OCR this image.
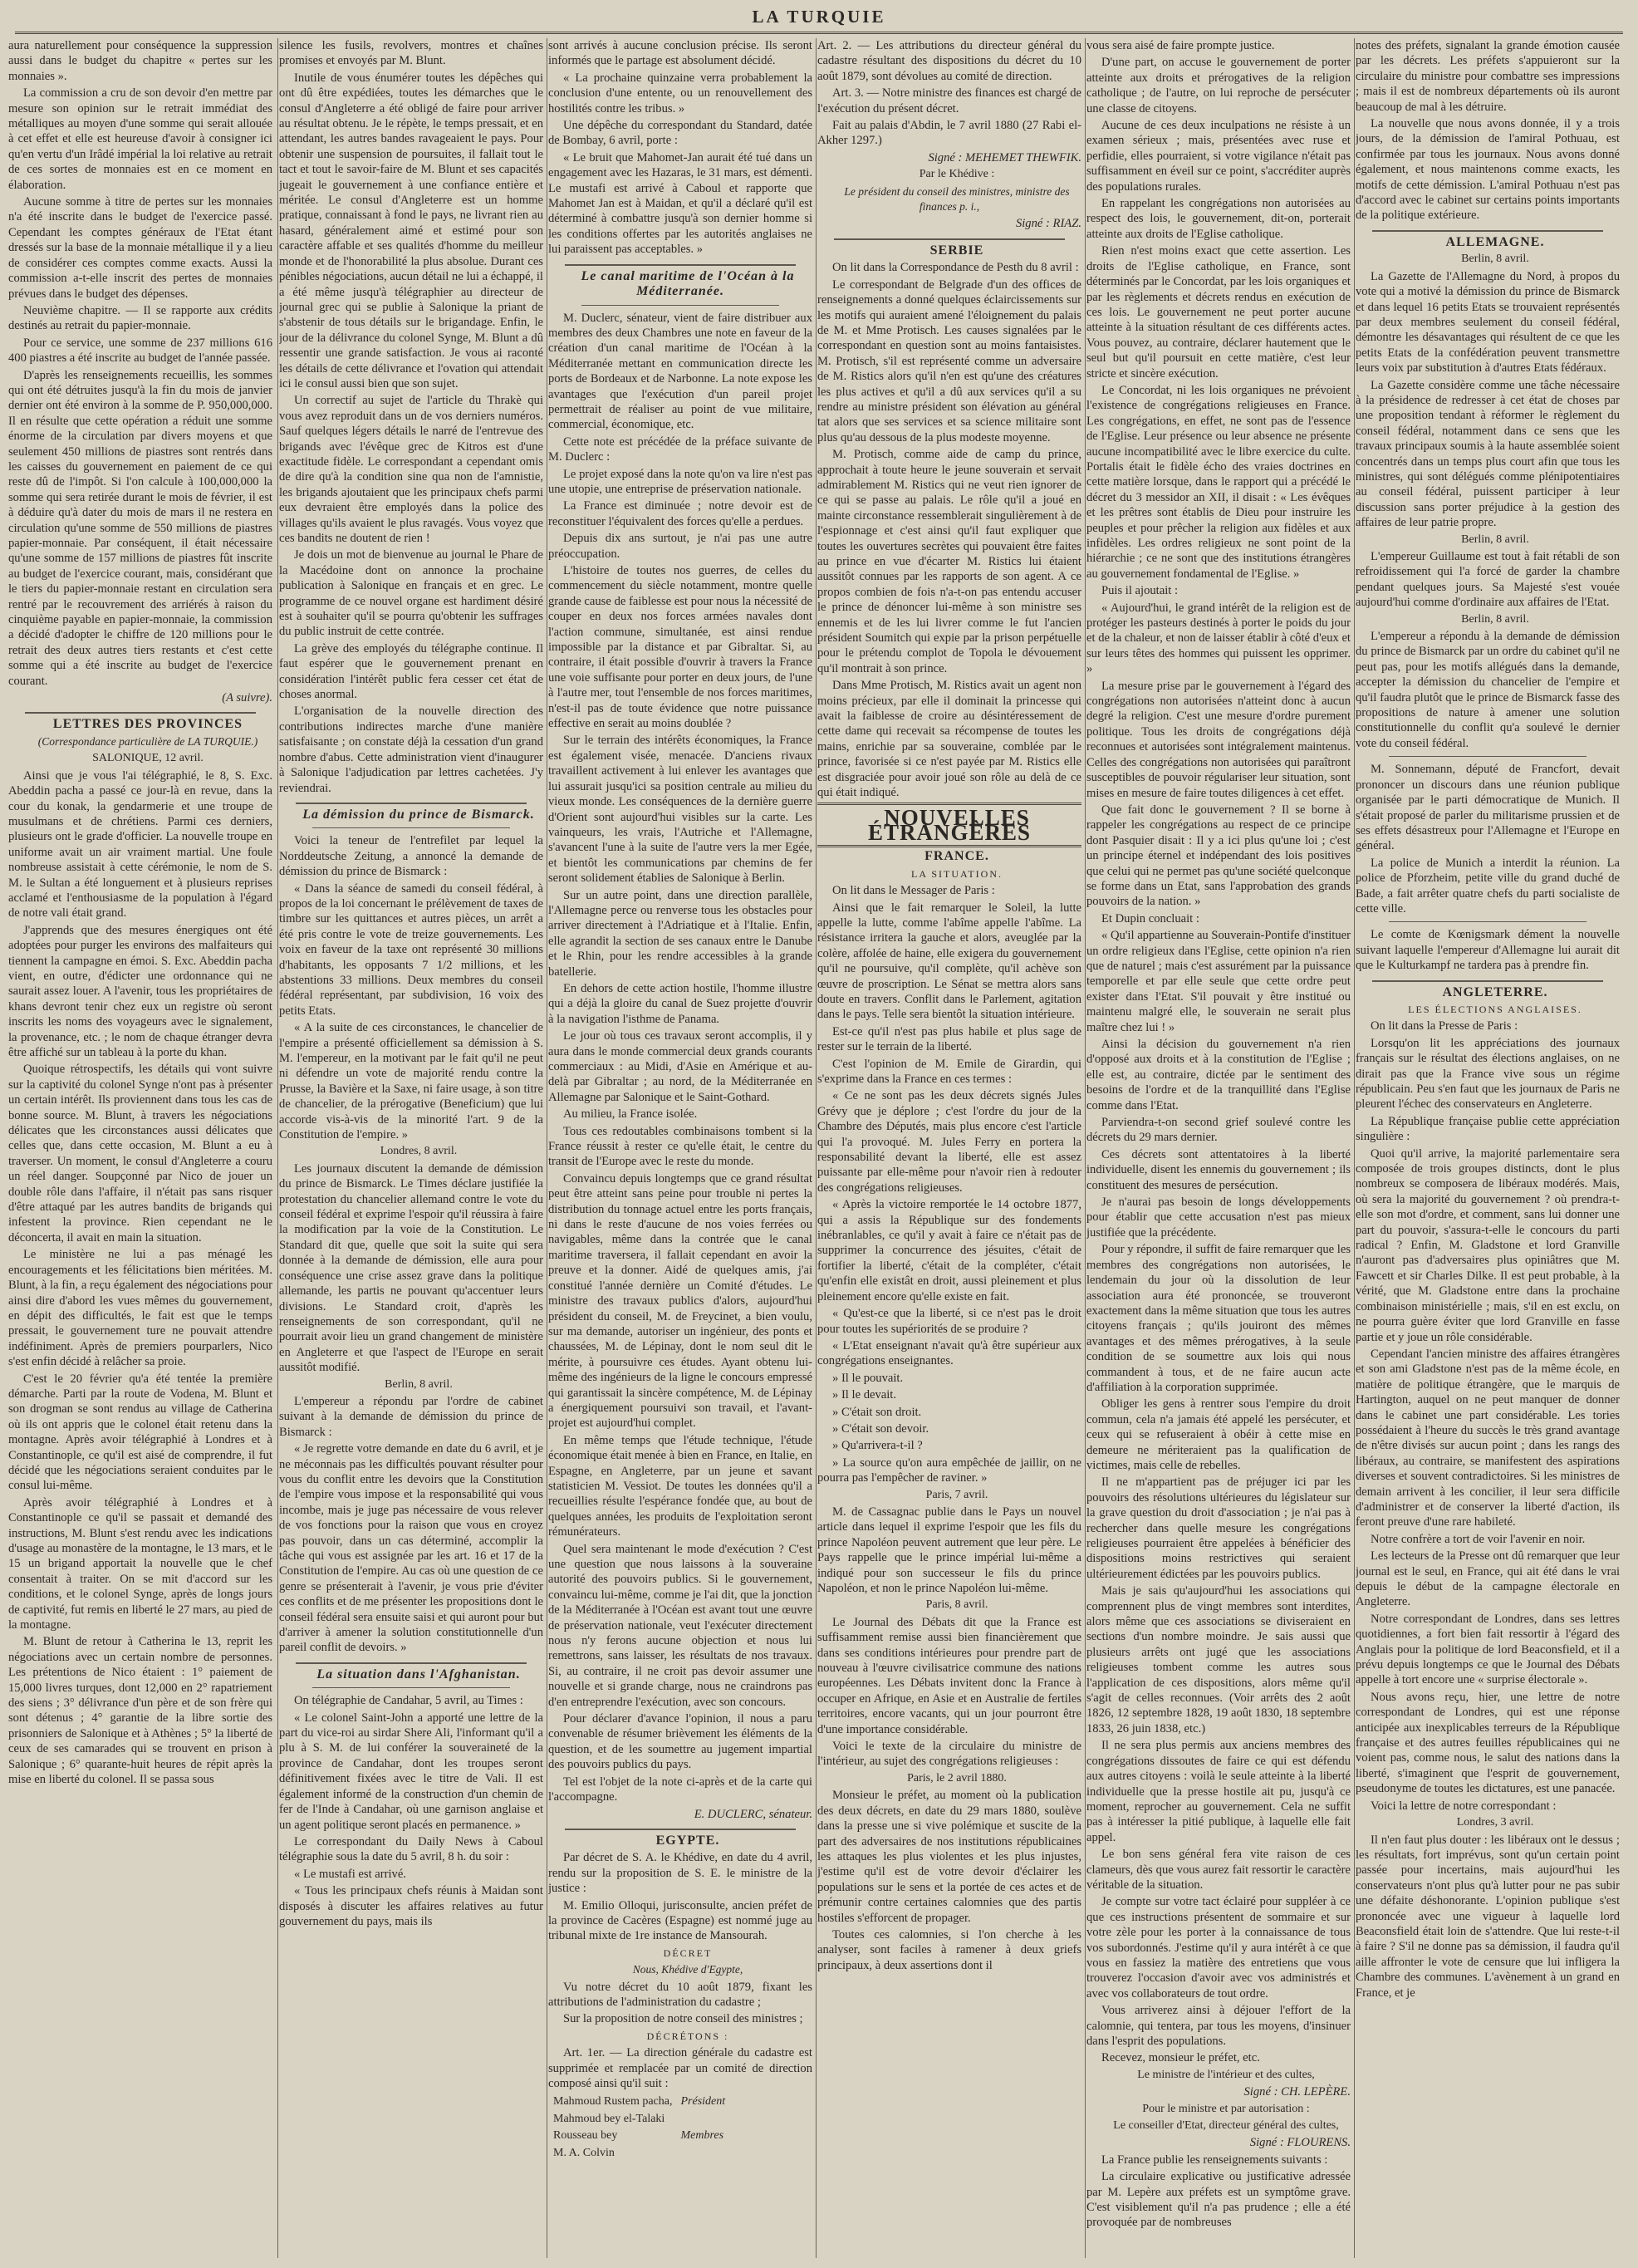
LA TURQUIE

aura naturellement pour conséquence la suppression aussi dans le budget du chapitre « pertes sur les monnaies ».

La commission a cru de son devoir d'en mettre par mesure son opinion sur le retrait immédiat des métalliques au moyen d'une somme qui serait allouée à cet effet et elle est heureuse d'avoir à consigner ici qu'en vertu d'un Irâdé impérial la loi relative au retrait de ces sortes de monnaies est en ce moment en élaboration.

Aucune somme à titre de pertes sur les monnaies n'a été inscrite dans le budget de l'exercice passé. Cependant les comptes généraux de l'Etat étant dressés sur la base de la monnaie métallique il y a lieu de considérer ces comptes comme exacts. Aussi la commission a-t-elle inscrit des pertes de monnaies prévues dans le budget des dépenses.

Neuvième chapitre. — Il se rapporte aux crédits destinés au retrait du papier-monnaie.

Pour ce service, une somme de 237 millions 616 400 piastres a été inscrite au budget de l'année passée.

D'après les renseignements recueillis, les sommes qui ont été détruites jusqu'à la fin du mois de janvier dernier ont été environ à la somme de P. 950,000,000. Il en résulte que cette opération a réduit une somme énorme de la circulation par divers moyens et que seulement 450 millions de piastres sont rentrés dans les caisses du gouvernement en paiement de ce qui reste dû de l'impôt. Si l'on calcule à 100,000,000 la somme qui sera retirée durant le mois de février, il est à déduire qu'à dater du mois de mars il ne restera en circulation qu'une somme de 550 millions de piastres papier-monnaie. Par conséquent, il était nécessaire qu'une somme de 157 millions de piastres fût inscrite au budget de l'exercice courant, mais, considérant que le tiers du papier-monnaie restant en circulation sera rentré par le recouvrement des arriérés à raison du cinquième payable en papier-monnaie, la commission a décidé d'adopter le chiffre de 120 millions pour le retrait des deux autres tiers restants et c'est cette somme qui a été inscrite au budget de l'exercice courant.

(A suivre).

LETTRES DES PROVINCES

(Correspondance particulière de LA TURQUIE.)

SALONIQUE, 12 avril.

Ainsi que je vous l'ai télégraphié, le 8, S. Exc. Abeddin pacha a passé ce jour-là en revue, dans la cour du konak, la gendarmerie et une troupe de musulmans et de chrétiens. Parmi ces derniers, plusieurs ont le grade d'officier. La nouvelle troupe en uniforme avait un air vraiment martial. Une foule nombreuse assistait à cette cérémonie, le nom de S. M. le Sultan a été longuement et à plusieurs reprises acclamé et l'enthousiasme de la population à l'égard de notre vali était grand.

J'apprends que des mesures énergiques ont été adoptées pour purger les environs des malfaiteurs qui tiennent la campagne en émoi. S. Exc. Abeddin pacha vient, en outre, d'édicter une ordonnance qui ne saurait assez louer. A l'avenir, tous les propriétaires de khans devront tenir chez eux un registre où seront inscrits les noms des voyageurs avec le signalement, la provenance, etc. ; le nom de chaque étranger devra être affiché sur un tableau à la porte du khan.

Quoique rétrospectifs, les détails qui vont suivre sur la captivité du colonel Synge n'ont pas à présenter un certain intérêt. Ils proviennent dans tous les cas de bonne source. M. Blunt, à travers les négociations délicates que les circonstances aussi délicates que celles que, dans cette occasion, M. Blunt a eu à traverser. Un moment, le consul d'Angleterre a couru un réel danger. Soupçonné par Nico de jouer un double rôle dans l'affaire, il n'était pas sans risquer d'être attaqué par les autres bandits de brigands qui infestent la province. Rien cependant ne le déconcerta, il avait en main la situation.

Le ministère ne lui a pas ménagé les encouragements et les félicitations bien méritées. M. Blunt, à la fin, a reçu également des négociations pour ainsi dire d'abord les vues mêmes du gouvernement, en dépit des difficultés, le fait est que le temps pressait, le gouvernement ture ne pouvait attendre indéfiniment. Après de premiers pourparlers, Nico s'est enfin décidé à relâcher sa proie.

C'est le 20 février qu'a été tentée la première démarche. Parti par la route de Vodena, M. Blunt et son drogman se sont rendus au village de Catherina où ils ont appris que le colonel était retenu dans la montagne. Après avoir télégraphié à Londres et à Constantinople, ce qu'il est aisé de comprendre, il fut décidé que les négociations seraient conduites par le consul lui-même.

Après avoir télégraphié à Londres et à Constantinople ce qu'il se passait et demandé des instructions, M. Blunt s'est rendu avec les indications d'usage au monastère de la montagne, le 13 mars, et le 15 un brigand apportait la nouvelle que le chef consentait à traiter. On se mit d'accord sur les conditions, et le colonel Synge, après de longs jours de captivité, fut remis en liberté le 27 mars, au pied de la montagne.

M. Blunt de retour à Catherina le 13, reprit les négociations avec un certain nombre de personnes. Les prétentions de Nico étaient : 1° paiement de 15,000 livres turques, dont 12,000 en 2° rapatriement des siens ; 3° délivrance d'un père et de son frère qui sont détenus ; 4° garantie de la libre sortie des prisonniers de Salonique et à Athènes ; 5° la liberté de ceux de ses camarades qui se trouvent en prison à Salonique ; 6° quarante-huit heures de répit après la mise en liberté du colonel. Il se passa sous

silence les fusils, revolvers, montres et chaînes promises et envoyés par M. Blunt.

Inutile de vous énumérer toutes les dépêches qui ont dû être expédiées, toutes les démarches que le consul d'Angleterre a été obligé de faire pour arriver au résultat obtenu. Je le répète, le temps pressait, et en attendant, les autres bandes ravageaient le pays. Pour obtenir une suspension de poursuites, il fallait tout le tact et tout le savoir-faire de M. Blunt et ses capacités jugeait le gouvernement à une confiance entière et méritée. Le consul d'Angleterre est un homme pratique, connaissant à fond le pays, ne livrant rien au hasard, généralement aimé et estimé pour son caractère affable et ses qualités d'homme du meilleur monde et de l'honorabilité la plus absolue. Durant ces pénibles négociations, aucun détail ne lui a échappé, il a été même jusqu'à télégraphier au directeur de journal grec qui se publie à Salonique la priant de s'abstenir de tous détails sur le brigandage. Enfin, le jour de la délivrance du colonel Synge, M. Blunt a dû ressentir une grande satisfaction. Je vous ai raconté les détails de cette délivrance et l'ovation qui attendait ici le consul aussi bien que son sujet.

Un correctif au sujet de l'article du Thrakè qui vous avez reproduit dans un de vos derniers numéros. Sauf quelques légers détails le narré de l'entrevue des brigands avec l'évêque grec de Kitros est d'une exactitude fidèle. Le correspondant a cependant omis de dire qu'à la condition sine qua non de l'amnistie, les brigands ajoutaient que les principaux chefs parmi eux devraient être employés dans la police des villages qu'ils avaient le plus ravagés. Vous voyez que ces bandits ne doutent de rien !

Je dois un mot de bienvenue au journal le Phare de la Macédoine dont on annonce la prochaine publication à Salonique en français et en grec. Le programme de ce nouvel organe est hardiment désiré est à souhaiter qu'il se pourra qu'obtenir les suffrages du public instruit de cette contrée.

La grève des employés du télégraphe continue. Il faut espérer que le gouvernement prenant en considération l'intérêt public fera cesser cet état de choses anormal.

L'organisation de la nouvelle direction des contributions indirectes marche d'une manière satisfaisante ; on constate déjà la cessation d'un grand nombre d'abus. Cette administration vient d'inaugurer à Salonique l'adjudication par lettres cachetées. J'y reviendrai.

La démission du prince de Bismarck.

Voici la teneur de l'entrefilet par lequel la Norddeutsche Zeitung, a annoncé la demande de démission du prince de Bismarck :

« Dans la séance de samedi du conseil fédéral, à propos de la loi concernant le prélèvement de taxes de timbre sur les quittances et autres pièces, un arrêt a été pris contre le vote de treize gouvernements. Les voix en faveur de la taxe ont représenté 30 millions d'habitants, les opposants 7 1/2 millions, et les abstentions 33 millions. Deux membres du conseil fédéral représentant, par subdivision, 16 voix des petits Etats.

« A la suite de ces circonstances, le chancelier de l'empire a présenté officiellement sa démission à S. M. l'empereur, en la motivant par le fait qu'il ne peut ni défendre un vote de majorité rendu contre la Prusse, la Bavière et la Saxe, ni faire usage, à son titre de chancelier, de la prérogative (Beneficium) que lui accorde vis-à-vis de la minorité l'art. 9 de la Constitution de l'empire. »

Londres, 8 avril.

Les journaux discutent la demande de démission du prince de Bismarck. Le Times déclare justifiée la protestation du chancelier allemand contre le vote du conseil fédéral et exprime l'espoir qu'il réussira à faire la modification par la voie de la Constitution. Le Standard dit que, quelle que soit la suite qui sera donnée à la demande de démission, elle aura pour conséquence une crise assez grave dans la politique allemande, les partis ne pouvant qu'accentuer leurs divisions. Le Standard croit, d'après les renseignements de son correspondant, qu'il ne pourrait avoir lieu un grand changement de ministère en Angleterre et que l'aspect de l'Europe en serait aussitôt modifié.

Berlin, 8 avril.

L'empereur a répondu par l'ordre de cabinet suivant à la demande de démission du prince de Bismarck :

« Je regrette votre demande en date du 6 avril, et je ne méconnais pas les difficultés pouvant résulter pour vous du conflit entre les devoirs que la Constitution de l'empire vous impose et la responsabilité qui vous incombe, mais je juge pas nécessaire de vous relever de vos fonctions pour la raison que vous en croyez pas pouvoir, dans un cas déterminé, accomplir la tâche qui vous est assignée par les art. 16 et 17 de la Constitution de l'empire. Au cas où une question de ce genre se présenterait à l'avenir, je vous prie d'éviter ces conflits et de me présenter les propositions dont le conseil fédéral sera ensuite saisi et qui auront pour but d'arriver à amener la solution constitutionnelle d'un pareil conflit de devoirs. »

La situation dans l'Afghanistan.

On télégraphie de Candahar, 5 avril, au Times :

« Le colonel Saint-John a apporté une lettre de la part du vice-roi au sirdar Shere Ali, l'informant qu'il a plu à S. M. de lui conférer la souveraineté de la province de Candahar, dont les troupes seront définitivement fixées avec le titre de Vali. Il est également informé de la construction d'un chemin de fer de l'Inde à Candahar, où une garnison anglaise et un agent politique seront placés en permanence. »

Le correspondant du Daily News à Caboul télégraphie sous la date du 5 avril, 8 h. du soir :

« Le mustafi est arrivé.

« Tous les principaux chefs réunis à Maidan sont disposés à discuter les affaires relatives au futur gouvernement du pays, mais ils

sont arrivés à aucune conclusion précise. Ils seront informés que le partage est absolument décidé.

« La prochaine quinzaine verra probablement la conclusion d'une entente, ou un renouvellement des hostilités contre les tribus. »

Une dépêche du correspondant du Standard, datée de Bombay, 6 avril, porte :

« Le bruit que Mahomet-Jan aurait été tué dans un engagement avec les Hazaras, le 31 mars, est démenti. Le mustafi est arrivé à Caboul et rapporte que Mahomet Jan est à Maidan, et qu'il a déclaré qu'il est déterminé à combattre jusqu'à son dernier homme si les conditions offertes par les autorités anglaises ne lui paraissent pas acceptables. »

Le canal maritime de l'Océan à la Méditerranée.

M. Duclerc, sénateur, vient de faire distribuer aux membres des deux Chambres une note en faveur de la création d'un canal maritime de l'Océan à la Méditerranée mettant en communication directe les ports de Bordeaux et de Narbonne. La note expose les avantages que l'exécution d'un pareil projet permettrait de réaliser au point de vue militaire, commercial, économique, etc.

Cette note est précédée de la préface suivante de M. Duclerc :

Le projet exposé dans la note qu'on va lire n'est pas une utopie, une entreprise de préservation nationale.

La France est diminuée ; notre devoir est de reconstituer l'équivalent des forces qu'elle a perdues.

Depuis dix ans surtout, je n'ai pas une autre préoccupation.

L'histoire de toutes nos guerres, de celles du commencement du siècle notamment, montre quelle grande cause de faiblesse est pour nous la nécessité de couper en deux nos forces armées navales dont l'action commune, simultanée, est ainsi rendue impossible par la distance et par Gibraltar. Si, au contraire, il était possible d'ouvrir à travers la France une voie suffisante pour porter en deux jours, de l'une à l'autre mer, tout l'ensemble de nos forces maritimes, n'est-il pas de toute évidence que notre puissance effective en serait au moins doublée ?

Sur le terrain des intérêts économiques, la France est également visée, menacée. D'anciens rivaux travaillent activement à lui enlever les avantages que lui assurait jusqu'ici sa position centrale au milieu du vieux monde. Les conséquences de la dernière guerre d'Orient sont aujourd'hui visibles sur la carte. Les vainqueurs, les vrais, l'Autriche et l'Allemagne, s'avancent l'une à la suite de l'autre vers la mer Egée, et bientôt les communications par chemins de fer seront solidement établies de Salonique à Berlin.

Sur un autre point, dans une direction parallèle, l'Allemagne perce ou renverse tous les obstacles pour arriver directement à l'Adriatique et à l'Italie. Enfin, elle agrandit la section de ses canaux entre le Danube et le Rhin, pour les rendre accessibles à la grande batellerie.

En dehors de cette action hostile, l'homme illustre qui a déjà la gloire du canal de Suez projette d'ouvrir à la navigation l'isthme de Panama.

Le jour où tous ces travaux seront accomplis, il y aura dans le monde commercial deux grands courants commerciaux : au Midi, d'Asie en Amérique et au-delà par Gibraltar ; au nord, de la Méditerranée en Allemagne par Salonique et le Saint-Gothard.

Au milieu, la France isolée.

Tous ces redoutables combinaisons tombent si la France réussit à rester ce qu'elle était, le centre du transit de l'Europe avec le reste du monde.

Convaincu depuis longtemps que ce grand résultat peut être atteint sans peine pour trouble ni pertes la distribution du tonnage actuel entre les ports français, ni dans le reste d'aucune de nos voies ferrées ou navigables, même dans la contrée que le canal maritime traversera, il fallait cependant en avoir la preuve et la donner. Aidé de quelques amis, j'ai constitué l'année dernière un Comité d'études. Le ministre des travaux publics d'alors, aujourd'hui président du conseil, M. de Freycinet, a bien voulu, sur ma demande, autoriser un ingénieur, des ponts et chaussées, M. de Lépinay, dont le nom seul dit le mérite, à poursuivre ces études. Ayant obtenu lui-même des ingénieurs de la ligne le concours empressé qui garantissait la sincère compétence, M. de Lépinay a énergiquement poursuivi son travail, et l'avant-projet est aujourd'hui complet.

En même temps que l'étude technique, l'étude économique était menée à bien en France, en Italie, en Espagne, en Angleterre, par un jeune et savant statisticien M. Vessiot. De toutes les données qu'il a recueillies résulte l'espérance fondée que, au bout de quelques années, les produits de l'exploitation seront rémunérateurs.

Quel sera maintenant le mode d'exécution ? C'est une question que nous laissons à la souveraine autorité des pouvoirs publics. Si le gouvernement, convaincu lui-même, comme je l'ai dit, que la jonction de la Méditerranée à l'Océan est avant tout une œuvre de préservation nationale, veut l'exécuter directement nous n'y ferons aucune objection et nous lui remettrons, sans laisser, les résultats de nos travaux. Si, au contraire, il ne croit pas devoir assumer une nouvelle et si grande charge, nous ne craindrons pas d'en entreprendre l'exécution, avec son concours.

Pour déclarer d'avance l'opinion, il nous a paru convenable de résumer brièvement les éléments de la question, et de les soumettre au jugement impartial des pouvoirs publics du pays.

Tel est l'objet de la note ci-après et de la carte qui l'accompagne.

E. DUCLERC, sénateur.

EGYPTE.

Par décret de S. A. le Khédive, en date du 4 avril, rendu sur la proposition de S. E. le ministre de la justice :

M. Emilio Olloqui, jurisconsulte, ancien préfet de la province de Cacères (Espagne) est nommé juge au tribunal mixte de 1re instance de Mansourah.

DÉCRET

Nous, Khédive d'Egypte,

Vu notre décret du 10 août 1879, fixant les attributions de l'administration du cadastre ;

Sur la proposition de notre conseil des ministres ;

DÉCRÉTONS :

Art. 1er. — La direction générale du cadastre est supprimée et remplacée par un comité de direction composé ainsi qu'il suit :

Mahmoud Rustem pacha,	Président
Mahmoud bey el-Talaki	
Rousseau bey	Membres
M. A. Colvin	

Art. 2. — Les attributions du directeur général du cadastre résultant des dispositions du décret du 10 août 1879, sont dévolues au comité de direction.

Art. 3. — Notre ministre des finances est chargé de l'exécution du présent décret.

Fait au palais d'Abdin, le 7 avril 1880 (27 Rabi el-Akher 1297.)

Signé : MEHEMET THEWFIK.

Par le Khédive :

Le président du conseil des ministres, ministre des finances p. i.,

Signé : RIAZ.

SERBIE

On lit dans la Correspondance de Pesth du 8 avril :

Le correspondant de Belgrade d'un des offices de renseignements a donné quelques éclaircissements sur les motifs qui auraient amené l'éloignement du palais de M. et Mme Protisch. Les causes signalées par le correspondant en question sont au moins fantaisistes. M. Protisch, s'il est représenté comme un adversaire de M. Ristics alors qu'il n'en est qu'une des créatures les plus actives et qu'il a dû aux services qu'il a su rendre au ministre président son élévation au général tat alors que ses services et sa science militaire sont plus qu'au dessous de la plus modeste moyenne.

M. Protisch, comme aide de camp du prince, approchait à toute heure le jeune souverain et servait admirablement M. Ristics qui ne veut rien ignorer de ce qui se passe au palais. Le rôle qu'il a joué en mainte circonstance ressemblerait singulièrement à de l'espionnage et c'est ainsi qu'il faut expliquer que toutes les ouvertures secrètes qui pouvaient être faites au prince en vue d'écarter M. Ristics lui étaient aussitôt connues par les rapports de son agent. A ce propos combien de fois n'a-t-on pas entendu accuser le prince de dénoncer lui-même à son ministre ses ennemis et de les lui livrer comme le fut l'ancien président Soumitch qui expie par la prison perpétuelle pour le prétendu complot de Topola le dévouement qu'il montrait à son prince.

Dans Mme Protisch, M. Ristics avait un agent non moins précieux, par elle il dominait la princesse qui avait la faiblesse de croire au désintéressement de cette dame qui recevait sa récompense de toutes les mains, enrichie par sa souveraine, comblée par le prince, favorisée si ce n'est payée par M. Ristics elle est disgraciée pour avoir joué son rôle au delà de ce qui était indiqué.

NOUVELLES ÉTRANGÈRES

FRANCE.

LA SITUATION.

On lit dans le Messager de Paris :

Ainsi que le fait remarquer le Soleil, la lutte appelle la lutte, comme l'abîme appelle l'abîme. La résistance irritera la gauche et alors, aveuglée par la colère, affolée de haine, elle exigera du gouvernement qu'il ne poursuive, qu'il complète, qu'il achève son œuvre de proscription. Le Sénat se mettra alors sans doute en travers. Conflit dans le Parlement, agitation dans le pays. Telle sera bientôt la situation intérieure.

Est-ce qu'il n'est pas plus habile et plus sage de rester sur le terrain de la liberté.

C'est l'opinion de M. Emile de Girardin, qui s'exprime dans la France en ces termes :

« Ce ne sont pas les deux décrets signés Jules Grévy que je déplore ; c'est l'ordre du jour de la Chambre des Députés, mais plus encore c'est l'article qui l'a provoqué. M. Jules Ferry en portera la responsabilité devant la liberté, elle est assez puissante par elle-même pour n'avoir rien à redouter des congrégations religieuses.

« Après la victoire remportée le 14 octobre 1877, qui a assis la République sur des fondements inébranlables, ce qu'il y avait à faire ce n'était pas de supprimer la concurrence des jésuites, c'était de fortifier la liberté, c'était de la compléter, c'était qu'enfin elle existât en droit, aussi pleinement et plus pleinement encore qu'elle existe en fait.

« Qu'est-ce que la liberté, si ce n'est pas le droit pour toutes les supériorités de se produire ?

« L'Etat enseignant n'avait qu'à être supérieur aux congrégations enseignantes.

» Il le pouvait.

» Il le devait.

» C'était son droit.

» C'était son devoir.

» Qu'arrivera-t-il ?

» La source qu'on aura empêchée de jaillir, on ne pourra pas l'empêcher de raviner. »

Paris, 7 avril.

M. de Cassagnac publie dans le Pays un nouvel article dans lequel il exprime l'espoir que les fils du prince Napoléon peuvent autrement que leur père. Le Pays rappelle que le prince impérial lui-même a indiqué pour son successeur le fils du prince Napoléon, et non le prince Napoléon lui-même.

Paris, 8 avril.

Le Journal des Débats dit que la France est suffisamment remise aussi bien financièrement que dans ses conditions intérieures pour prendre part de nouveau à l'œuvre civilisatrice commune des nations européennes. Les Débats invitent donc la France à occuper en Afrique, en Asie et en Australie de fertiles territoires, encore vacants, qui un jour pourront être d'une importance considérable.

Voici le texte de la circulaire du ministre de l'intérieur, au sujet des congrégations religieuses :

Paris, le 2 avril 1880.

Monsieur le préfet, au moment où la publication des deux décrets, en date du 29 mars 1880, soulève dans la presse une si vive polémique et suscite de la part des adversaires de nos institutions républicaines les attaques les plus violentes et les plus injustes, j'estime qu'il est de votre devoir d'éclairer les populations sur le sens et la portée de ces actes et de prémunir contre certaines calomnies que des partis hostiles s'efforcent de propager.

Toutes ces calomnies, si l'on cherche à les analyser, sont faciles à ramener à deux griefs principaux, à deux assertions dont il

vous sera aisé de faire prompte justice.

D'une part, on accuse le gouvernement de porter atteinte aux droits et prérogatives de la religion catholique ; de l'autre, on lui reproche de persécuter une classe de citoyens.

Aucune de ces deux inculpations ne résiste à un examen sérieux ; mais, présentées avec ruse et perfidie, elles pourraient, si votre vigilance n'était pas suffisamment en éveil sur ce point, s'accréditer auprès des populations rurales.

En rappelant les congrégations non autorisées au respect des lois, le gouvernement, dit-on, porterait atteinte aux droits de l'Eglise catholique.

Rien n'est moins exact que cette assertion. Les droits de l'Eglise catholique, en France, sont déterminés par le Concordat, par les lois organiques et par les règlements et décrets rendus en exécution de ces lois. Le gouvernement ne peut porter aucune atteinte à la situation résultant de ces différents actes. Vous pouvez, au contraire, déclarer hautement que le seul but qu'il poursuit en cette matière, c'est leur stricte et sincère exécution.

Le Concordat, ni les lois organiques ne prévoient l'existence de congrégations religieuses en France. Les congrégations, en effet, ne sont pas de l'essence de l'Eglise. Leur présence ou leur absence ne présente aucune incompatibilité avec le libre exercice du culte. Portalis était le fidèle écho des vraies doctrines en cette matière lorsque, dans le rapport qui a précédé le décret du 3 messidor an XII, il disait : « Les évêques et les prêtres sont établis de Dieu pour instruire les peuples et pour prêcher la religion aux fidèles et aux infidèles. Les ordres religieux ne sont point de la hiérarchie ; ce ne sont que des institutions étrangères au gouvernement fondamental de l'Eglise. »

Puis il ajoutait :

« Aujourd'hui, le grand intérêt de la religion est de protéger les pasteurs destinés à porter le poids du jour et de la chaleur, et non de laisser établir à côté d'eux et sur leurs têtes des hommes qui puissent les opprimer. »

La mesure prise par le gouvernement à l'égard des congrégations non autorisées n'atteint donc à aucun degré la religion. C'est une mesure d'ordre purement politique. Tous les droits de congrégations déjà reconnues et autorisées sont intégralement maintenus. Celles des congrégations non autorisées qui paraîtront susceptibles de pouvoir régulariser leur situation, sont mises en mesure de faire toutes diligences à cet effet.

Que fait donc le gouvernement ? Il se borne à rappeler les congrégations au respect de ce principe dont Pasquier disait : Il y a ici plus qu'une loi ; c'est un principe éternel et indépendant des lois positives que celui qui ne permet pas qu'une société quelconque se forme dans un Etat, sans l'approbation des grands pouvoirs de la nation. »

Et Dupin concluait :

« Qu'il appartienne au Souverain-Pontife d'instituer un ordre religieux dans l'Eglise, cette opinion n'a rien que de naturel ; mais c'est assurément par la puissance temporelle et par elle seule que cette ordre peut exister dans l'Etat. S'il pouvait y être institué ou maintenu malgré elle, le souverain ne serait plus maître chez lui ! »

Ainsi la décision du gouvernement n'a rien d'opposé aux droits et à la constitution de l'Eglise ; elle est, au contraire, dictée par le sentiment des besoins de l'ordre et de la tranquillité dans l'Eglise comme dans l'Etat.

Parviendra-t-on second grief soulevé contre les décrets du 29 mars dernier.

Ces décrets sont attentatoires à la liberté individuelle, disent les ennemis du gouvernement ; ils constituent des mesures de persécution.

Je n'aurai pas besoin de longs développements pour établir que cette accusation n'est pas mieux justifiée que la précédente.

Pour y répondre, il suffit de faire remarquer que les membres des congrégations non autorisées, le lendemain du jour où la dissolution de leur association aura été prononcée, se trouveront exactement dans la même situation que tous les autres citoyens français ; qu'ils jouiront des mêmes avantages et des mêmes prérogatives, à la seule condition de se soumettre aux lois qui nous commandent à tous, et de ne faire aucun acte d'affiliation à la corporation supprimée.

Obliger les gens à rentrer sous l'empire du droit commun, cela n'a jamais été appelé les persécuter, et ceux qui se refuseraient à obéir à cette mise en demeure ne mériteraient pas la qualification de victimes, mais celle de rebelles.

Il ne m'appartient pas de préjuger ici par les pouvoirs des résolutions ultérieures du législateur sur la grave question du droit d'association ; je n'ai pas à rechercher dans quelle mesure les congrégations religieuses pourraient être appelées à bénéficier des dispositions moins restrictives qui seraient ultérieurement édictées par les pouvoirs publics.

Mais je sais qu'aujourd'hui les associations qui comprennent plus de vingt membres sont interdites, alors même que ces associations se diviseraient en sections d'un nombre moindre. Je sais aussi que plusieurs arrêts ont jugé que les associations religieuses tombent comme les autres sous l'application de ces dispositions, alors même qu'il s'agit de celles reconnues. (Voir arrêts des 2 août 1826, 12 septembre 1828, 19 août 1830, 18 septembre 1833, 26 juin 1838, etc.)

Il ne sera plus permis aux anciens membres des congrégations dissoutes de faire ce qui est défendu aux autres citoyens : voilà le seule atteinte à la liberté individuelle que la presse hostile ait pu, jusqu'à ce moment, reprocher au gouvernement. Cela ne suffit pas à intéresser la pitié publique, à laquelle elle fait appel.

Le bon sens général fera vite raison de ces clameurs, dès que vous aurez fait ressortir le caractère véritable de la situation.

Je compte sur votre tact éclairé pour suppléer à ce que ces instructions présentent de sommaire et sur votre zèle pour les porter à la connaissance de tous vos subordonnés. J'estime qu'il y aura intérêt à ce que vous en fassiez la matière des entretiens que vous trouverez l'occasion d'avoir avec vos administrés et avec vos collaborateurs de tout ordre.

Vous arriverez ainsi à déjouer l'effort de la calomnie, qui tentera, par tous les moyens, d'insinuer dans l'esprit des populations.

Recevez, monsieur le préfet, etc.

Le ministre de l'intérieur et des cultes,

Signé : CH. LEPÈRE.

Pour le ministre et par autorisation :

Le conseiller d'Etat, directeur général des cultes,

Signé : FLOURENS.

La France publie les renseignements suivants :

La circulaire explicative ou justificative adressée par M. Lepère aux préfets est un symptôme grave. C'est visiblement qu'il n'a pas prudence ; elle a été provoquée par de nombreuses

notes des préfets, signalant la grande émotion causée par les décrets. Les préfets s'appuieront sur la circulaire du ministre pour combattre ses impressions ; mais il est de nombreux départements où ils auront beaucoup de mal à les détruire.

La nouvelle que nous avons donnée, il y a trois jours, de la démission de l'amiral Pothuau, est confirmée par tous les journaux. Nous avons donné également, et nous maintenons comme exacts, les motifs de cette démission. L'amiral Pothuau n'est pas d'accord avec le cabinet sur certains points importants de la politique extérieure.

ALLEMAGNE.

Berlin, 8 avril.

La Gazette de l'Allemagne du Nord, à propos du vote qui a motivé la démission du prince de Bismarck et dans lequel 16 petits Etats se trouvaient représentés par deux membres seulement du conseil fédéral, démontre les désavantages qui résultent de ce que les petits Etats de la confédération peuvent transmettre leurs voix par substitution à d'autres Etats fédéraux.

La Gazette considère comme une tâche nécessaire à la présidence de redresser à cet état de choses par une proposition tendant à réformer le règlement du conseil fédéral, notamment dans ce sens que les travaux principaux soumis à la haute assemblée soient concentrés dans un temps plus court afin que tous les ministres, qui sont délégués comme plénipotentiaires au conseil fédéral, puissent participer à leur discussion sans porter préjudice à la gestion des affaires de leur patrie propre.

Berlin, 8 avril.

L'empereur Guillaume est tout à fait rétabli de son refroidissement qui l'a forcé de garder la chambre pendant quelques jours. Sa Majesté s'est vouée aujourd'hui comme d'ordinaire aux affaires de l'Etat.

Berlin, 8 avril.

L'empereur a répondu à la demande de démission du prince de Bismarck par un ordre du cabinet qu'il ne peut pas, pour les motifs allégués dans la demande, accepter la démission du chancelier de l'empire et qu'il faudra plutôt que le prince de Bismarck fasse des propositions de nature à amener une solution constitutionnelle du conflit qu'a soulevé le dernier vote du conseil fédéral.

M. Sonnemann, député de Francfort, devait prononcer un discours dans une réunion publique organisée par le parti démocratique de Munich. Il s'était proposé de parler du militarisme prussien et de ses effets désastreux pour l'Allemagne et l'Europe en général.

La police de Munich a interdit la réunion. La police de Pforzheim, petite ville du grand duché de Bade, a fait arrêter quatre chefs du parti socialiste de cette ville.

Le comte de Kœnigsmark dément la nouvelle suivant laquelle l'empereur d'Allemagne lui aurait dit que le Kulturkampf ne tardera pas à prendre fin.

ANGLETERRE.

LES ÉLECTIONS ANGLAISES.

On lit dans la Presse de Paris :

Lorsqu'on lit les appréciations des journaux français sur le résultat des élections anglaises, on ne dirait pas que la France vive sous un régime républicain. Peu s'en faut que les journaux de Paris ne pleurent l'échec des conservateurs en Angleterre.

La République française publie cette appréciation singulière :

Quoi qu'il arrive, la majorité parlementaire sera composée de trois groupes distincts, dont le plus nombreux se composera de libéraux modérés. Mais, où sera la majorité du gouvernement ? où prendra-t-elle son mot d'ordre, et comment, sans lui donner une part du pouvoir, s'assura-t-elle le concours du parti radical ? Enfin, M. Gladstone et lord Granville n'auront pas d'adversaires plus opiniâtres que M. Fawcett et sir Charles Dilke. Il est peut probable, à la vérité, que M. Gladstone entre dans la prochaine combinaison ministérielle ; mais, s'il en est exclu, on ne pourra guère éviter que lord Granville en fasse partie et y joue un rôle considérable.

Cependant l'ancien ministre des affaires étrangères et son ami Gladstone n'est pas de la même école, en matière de politique étrangère, que le marquis de Hartington, auquel on ne peut manquer de donner dans le cabinet une part considérable. Les tories possédaient à l'heure du succès le très grand avantage de n'être divisés sur aucun point ; dans les rangs des libéraux, au contraire, se manifestent des aspirations diverses et souvent contradictoires. Si les ministres de demain arrivent à les concilier, il leur sera difficile d'administrer et de conserver la liberté d'action, ils feront preuve d'une rare habileté.

Notre confrère a tort de voir l'avenir en noir.

Les lecteurs de la Presse ont dû remarquer que leur journal est le seul, en France, qui ait été dans le vrai depuis le début de la campagne électorale en Angleterre.

Notre correspondant de Londres, dans ses lettres quotidiennes, a fort bien fait ressortir à l'égard des Anglais pour la politique de lord Beaconsfield, et il a prévu depuis longtemps ce que le Journal des Débats appelle à tort encore une « surprise électorale ».

Nous avons reçu, hier, une lettre de notre correspondant de Londres, qui est une réponse anticipée aux inexplicables terreurs de la République française et des autres feuilles républicaines qui ne voient pas, comme nous, le salut des nations dans la liberté, s'imaginent que l'esprit de gouvernement, pseudonyme de toutes les dictatures, est une panacée.

Voici la lettre de notre correspondant :

Londres, 3 avril.

Il n'en faut plus douter : les libéraux ont le dessus ; les résultats, fort imprévus, sont qu'un certain point passée pour incertains, mais aujourd'hui les conservateurs n'ont plus qu'à lutter pour ne pas subir une défaite déshonorante. L'opinion publique s'est prononcée avec une vigueur à laquelle lord Beaconsfield était loin de s'attendre. Que lui reste-t-il à faire ? S'il ne donne pas sa démission, il faudra qu'il aille affronter le vote de censure que lui infligera la Chambre des communes. L'avènement à un grand en France, et je
